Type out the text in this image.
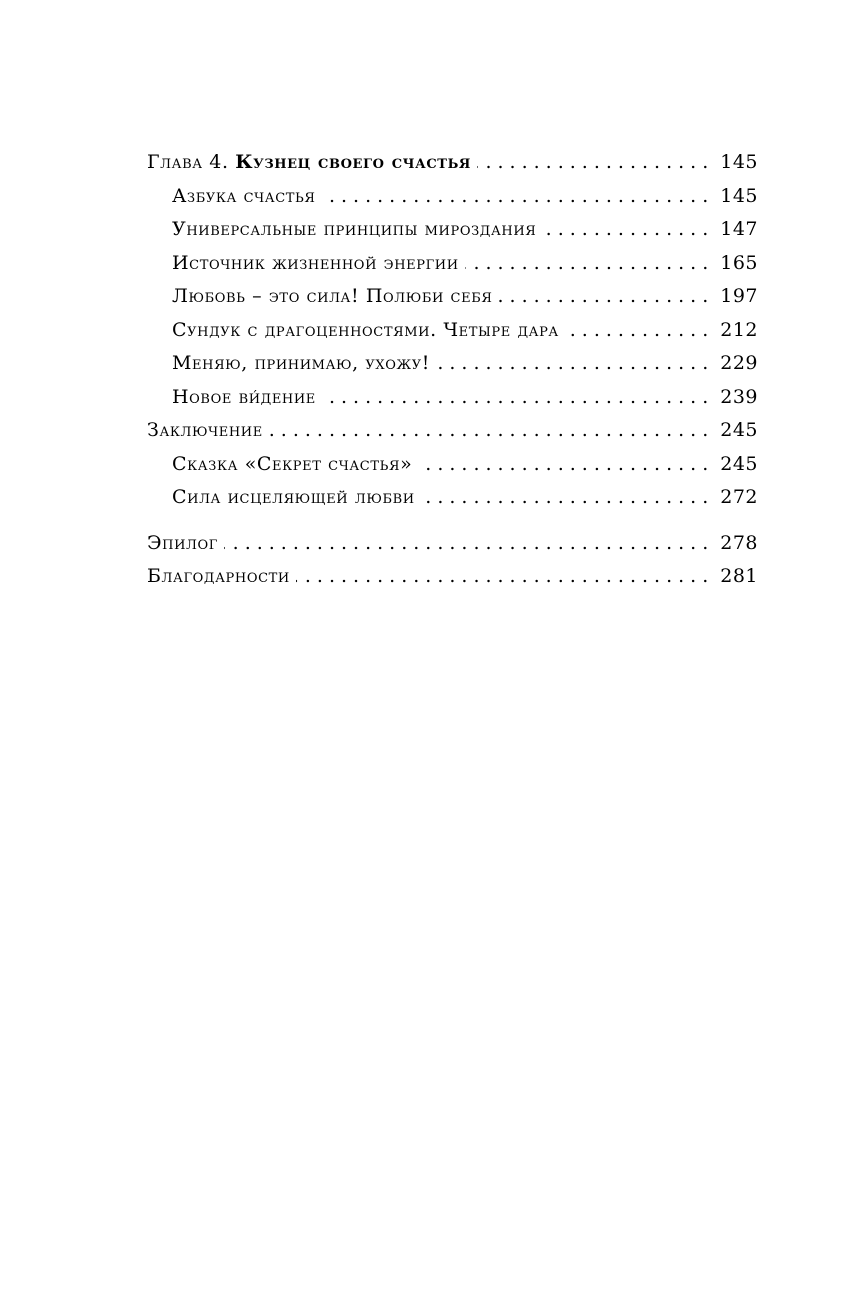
Глава 4. Кузнец своего счастья .....	145
Азбука счастья .....	145
Универсальные принципы мироздания .....	147
Источник жизненной энергии .....	165
Любовь – это сила! Полюби себя .....	197
Сундук с драгоценностями. Четыре дара .....	212
Меняю, принимаю, ухожу! .....	229
Новое ви́дение .....	239
Заключение .....	245
Сказка «Секрет счастья» .....	245
Сила исцеляющей любви .....	272
Эпилог .....	278
Благодарности .....	281
